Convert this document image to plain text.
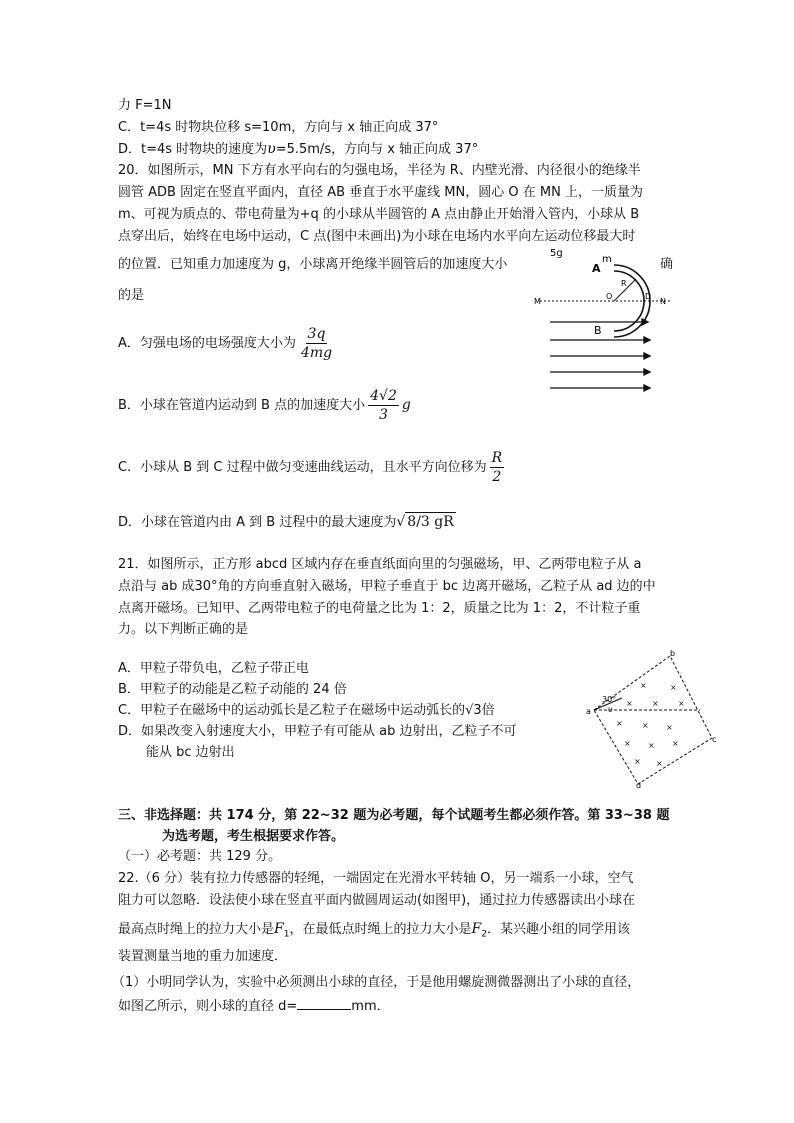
力 F=1N
C．t=4s 时物块位移 s=10m，方向与 x 轴正向成 37°
D．t=4s 时物块的速度为υ=5.5m/s，方向与 x 轴正向成 37°
20．如图所示，MN 下方有水平向右的匀强电场，半径为 R、内壁光滑、内径很小的绝缘半
圆管 ADB 固定在竖直平面内，直径 AB 垂直于水平虚线 MN，圆心 O 在 MN 上，一质量为
m、可视为质点的、带电荷量为+q 的小球从半圆管的 A 点由静止开始滑入管内，小球从 B
点穿出后，始终在电场中运动，C 点(图中未画出)为小球在电场内水平向左运动位移最大时
的位置．已知重力加速度为 g，小球离开绝缘半圆管后的加速度大小	确
的是
5g
m
A
R
M
O	D
N
B
A．匀强电场的电场强度大小为 $\frac{3q}{4mg}$
B．小球在管道内运动到 B 点的加速度大小 $\frac{4√2}{3}$ g
C．小球从 B 到 C 过程中做匀变速曲线运动，且水平方向位移为 $\frac{R}{2}$
D．小球在管道内由 A 到 B 过程中的最大速度为√ 8/3 gR
21．如图所示，正方形 abcd 区域内存在垂直纸面向里的匀强磁场，甲、乙两带电粒子从 a
点沿与 ab 成30°角的方向垂直射入磁场，甲粒子垂直于 bc 边离开磁场，乙粒子从 ad 边的中
点离开磁场。已知甲、乙两带电粒子的电荷量之比为 1：2，质量之比为 1：2，不计粒子重
力。以下判断正确的是
A．甲粒子带负电，乙粒子带正电
B．甲粒子的动能是乙粒子动能的 24 倍
C．甲粒子在磁场中的运动弧长是乙粒子在磁场中运动弧长的√3倍
D．如果改变入射速度大小，甲粒子有可能从 ab 边射出，乙粒子不可
能从 bc 边射出
a
b
c
d
30°
υ
×	×
× × ×
× × ×
× × ×
× ×
三、非选择题：共 174 分，第 22~32 题为必考题，每个试题考生都必须作答。第 33~38 题
为选考题，考生根据要求作答。
（一）必考题：共 129 分。
22.（6 分）装有拉力传感器的轻绳，一端固定在光滑水平转轴 O，另一端系一小球，空气
阻力可以忽略．设法使小球在竖直平面内做圆周运动(如图甲)，通过拉力传感器读出小球在
最高点时绳上的拉力大小是$F_1$，在最低点时绳上的拉力大小是$F_2$．某兴趣小组的同学用该
装置测量当地的重力加速度．
（1）小明同学认为，实验中必须测出小球的直径，于是他用螺旋测微器测出了小球的直径，
如图乙所示，则小球的直径 d=	mm．
